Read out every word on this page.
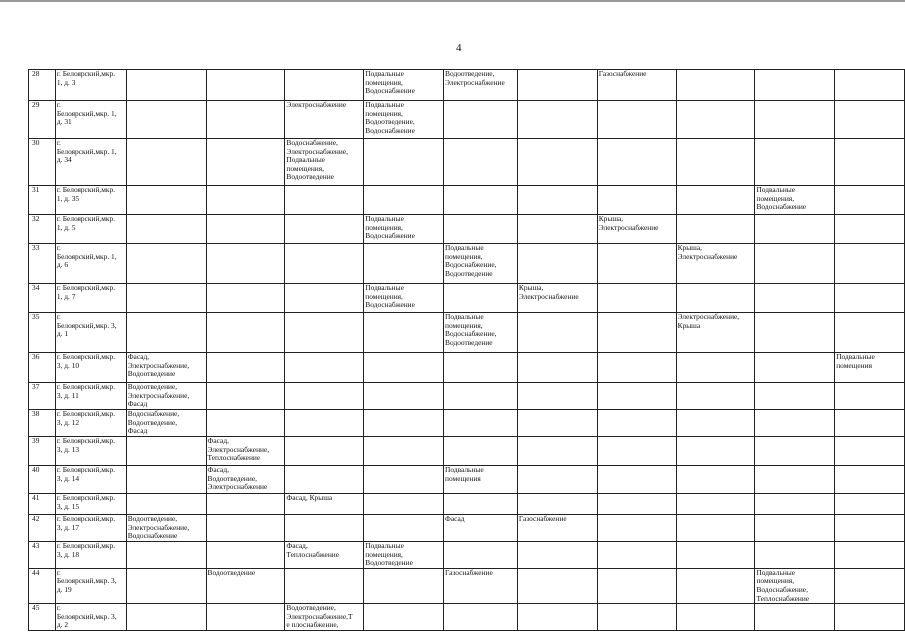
4
28	г. Белоярский,мкр.
1, д. 3				Подвальные
помещения,
Водоснабжение	Водоотведение,
Электроснабжение		Газоснабжение			
29	г.
Белоярский,мкр. 1,
д. 31			Электроснабжение	Подвальные
помещения,
Водоотведение,
Водоснабжение						
30	г.
Белоярский,мкр. 1,
д. 34			Водоснабжение,
Электроснабжение,
Подвальные
помещения,
Водоотведение							
31	г. Белоярский,мкр.
1, д. 35									Подвальные
помещения,
Водоснабжение	
32	г. Белоярский,мкр.
1, д. 5				Подвальные
помещения,
Водоснабжение			Крыша,
Электроснабжение			
33	г.
Белоярский,мкр. 1,
д. 6					Подвальные
помещения,
Водоснабжение,
Водоотведение			Крыша,
Электроснабжение		
34	г. Белоярский,мкр.
1, д. 7				Подвальные
помещения,
Водоснабжение		Крыша,
Электроснабжение				
35	г.
Белоярский,мкр. 3,
д. 1					Подвальные
помещения,
Водоснабжение,
Водоотведение			Электроснабжение,
Крыша		
36	г. Белоярский,мкр.
3, д. 10	Фасад,
Электроснабжение,
Водоотведение									Подвальные
помещения
37	г. Белоярский,мкр.
3, д. 11	Водоотведение,
Электроснабжение,
Фасад									
38	г. Белоярский,мкр.
3, д. 12	Водоснабжение,
Водоотведение,
Фасад									
39	г. Белоярский,мкр.
3, д. 13		Фасад,
Электроснабжение,
Теплоснабжение								
40	г. Белоярский,мкр.
3, д. 14		Фасад,
Водоотведение,
Электроснабжение			Подвальные
помещения					
41	г. Белоярский,мкр.
3, д. 15			Фасад, Крыша							
42	г. Белоярский,мкр.
3, д. 17	Водоотведение,
Электроснабжение,
Водоснабжение				Фасад	Газоснабжение				
43	г. Белоярский,мкр.
3, д. 18			Фасад,
Теплоснабжение	Подвальные
помещения,
Водоотведение						
44	г.
Белоярский,мкр. 3,
д. 19		Водоотведение			Газоснабжение				Подвальные
помещения,
Водоснабжение,
Теплоснабжение	
45	г.
Белоярский,мкр. 3,
д. 2			Водоотведение,
Электроснабжение,Т
е плоснабжение,							
